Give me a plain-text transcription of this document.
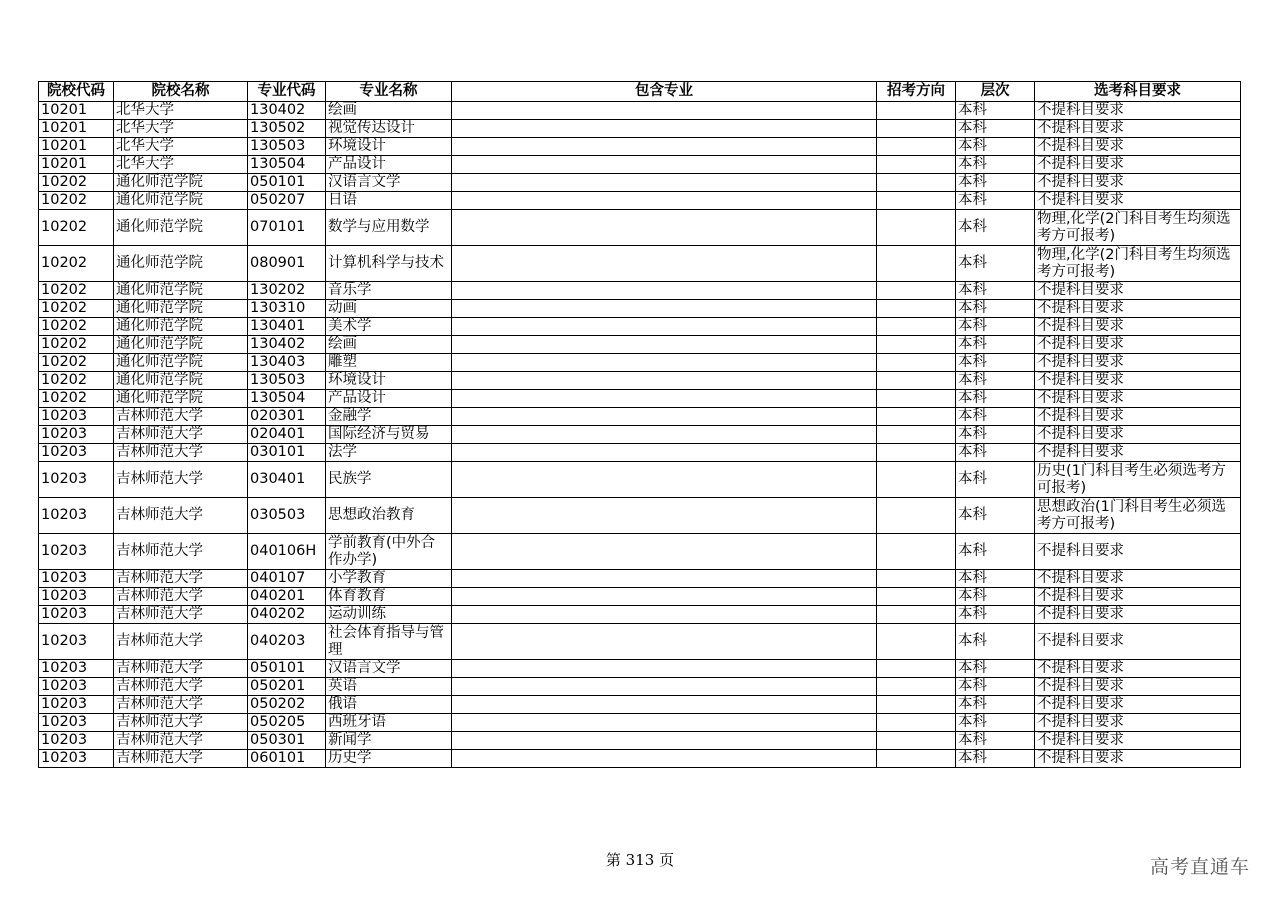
院校代码	院校名称	专业代码	专业名称	包含专业	招考方向	层次	选考科目要求
10201	北华大学	130402	绘画			本科	不提科目要求
10201	北华大学	130502	视觉传达设计			本科	不提科目要求
10201	北华大学	130503	环境设计			本科	不提科目要求
10201	北华大学	130504	产品设计			本科	不提科目要求
10202	通化师范学院	050101	汉语言文学			本科	不提科目要求
10202	通化师范学院	050207	日语			本科	不提科目要求
10202	通化师范学院	070101	数学与应用数学			本科	物理,化学(2门科目考生均须选考方可报考)
10202	通化师范学院	080901	计算机科学与技术			本科	物理,化学(2门科目考生均须选考方可报考)
10202	通化师范学院	130202	音乐学			本科	不提科目要求
10202	通化师范学院	130310	动画			本科	不提科目要求
10202	通化师范学院	130401	美术学			本科	不提科目要求
10202	通化师范学院	130402	绘画			本科	不提科目要求
10202	通化师范学院	130403	雕塑			本科	不提科目要求
10202	通化师范学院	130503	环境设计			本科	不提科目要求
10202	通化师范学院	130504	产品设计			本科	不提科目要求
10203	吉林师范大学	020301	金融学			本科	不提科目要求
10203	吉林师范大学	020401	国际经济与贸易			本科	不提科目要求
10203	吉林师范大学	030101	法学			本科	不提科目要求
10203	吉林师范大学	030401	民族学			本科	历史(1门科目考生必须选考方可报考)
10203	吉林师范大学	030503	思想政治教育			本科	思想政治(1门科目考生必须选考方可报考)
10203	吉林师范大学	040106H	学前教育(中外合作办学)			本科	不提科目要求
10203	吉林师范大学	040107	小学教育			本科	不提科目要求
10203	吉林师范大学	040201	体育教育			本科	不提科目要求
10203	吉林师范大学	040202	运动训练			本科	不提科目要求
10203	吉林师范大学	040203	社会体育指导与管理			本科	不提科目要求
10203	吉林师范大学	050101	汉语言文学			本科	不提科目要求
10203	吉林师范大学	050201	英语			本科	不提科目要求
10203	吉林师范大学	050202	俄语			本科	不提科目要求
10203	吉林师范大学	050205	西班牙语			本科	不提科目要求
10203	吉林师范大学	050301	新闻学			本科	不提科目要求
10203	吉林师范大学	060101	历史学			本科	不提科目要求
第 313 页	高考直通车
